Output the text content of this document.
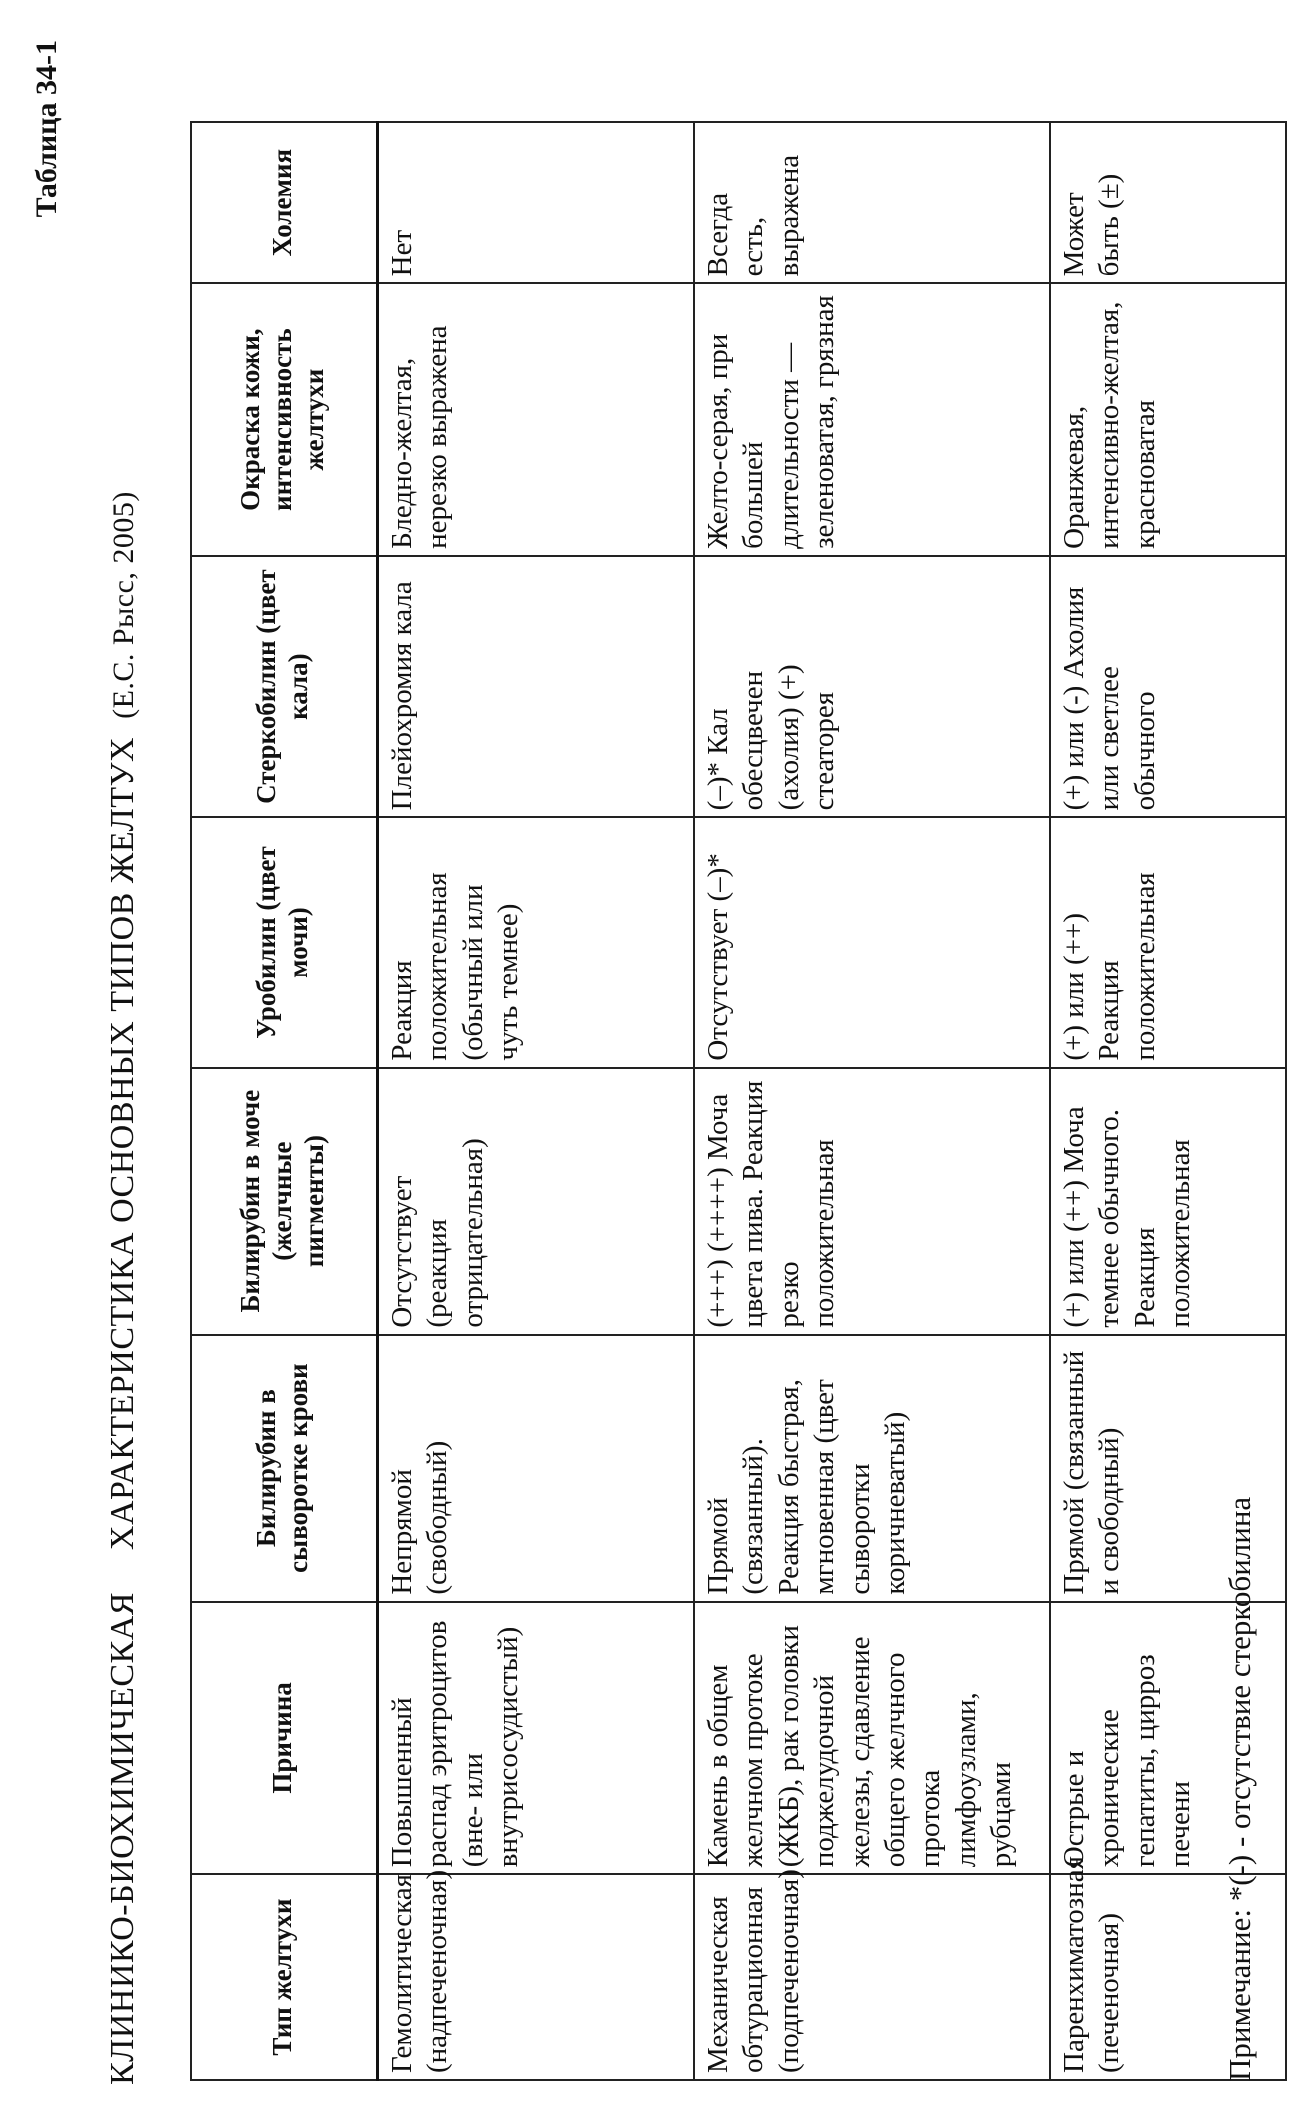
Таблица 34-1
КЛИНИКО-БИОХИМИЧЕСКАЯХАРАКТЕРИСТИКА ОСНОВНЫХ ТИПОВ ЖЕЛТУХ(Е.С. Рысс, 2005)
Тип желтухи	Причина	Билирубин в сыворотке крови	Билирубин в моче (желчные пигменты)	Уробилин (цвет мочи)	Стеркобилин (цвет кала)	Окраска кожи, интенсивность желтухи	Холемия
Гемолитическая (надпеченочная)	Повышенный распад эритроцитов (вне- или внутрисосудистый)	Непрямой (свободный)	Отсутствует (реакция отрицательная)	Реакция положительная (обычный или чуть темнее)	Плейохромия кала	Бледно-желтая, нерезко выражена	Нет
Механическая обтурационная (подпеченочная)	Камень в общем желчном протоке (ЖКБ), рак головки поджелудочной железы, сдавление общего желчного протока лимфоузлами, рубцами	Прямой (связанный). Реакция быстрая, мгновенная (цвет сыворотки коричневатый)	(+++) (++++) Моча цвета пива. Реакция резко положительная	Отсутствует (–)*	(–)* Кал обесцвечен (ахолия) (+) стеаторея	Желто-серая, при большей длительности — зеленоватая, грязная	Всегда есть, выражена
Паренхиматозная (печеночная)	Острые и хронические гепатиты, цирроз печени	Прямой (связанный и свободный)	(+) или (++) Моча темнее обычного. Реакция положительная	(+) или (++) Реакция положительная	(+) или (-) Ахолия или светлее обычного	Оранжевая, интенсивно-желтая, красноватая	Может быть (±)
Примечание: *(-) - отсутствие стеркобилина
